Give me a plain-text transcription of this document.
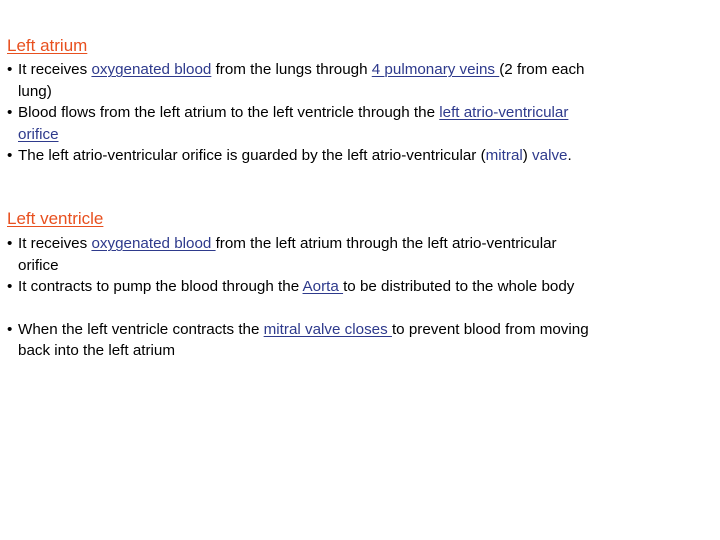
Left atrium
• It receives oxygenated blood from the lungs through 4 pulmonary veins (2 from each
lung)
• Blood flows from the left atrium to the left ventricle through the left atrio-ventricular
orifice
• The left atrio-ventricular orifice is guarded by the left atrio-ventricular (mitral) valve.
Left ventricle
• It receives oxygenated blood from the left atrium through the left atrio-ventricular
orifice
• It contracts to pump the blood through the Aorta to be distributed to the whole body
• When the left ventricle contracts the mitral valve closes to prevent blood from moving
back into the left atrium
